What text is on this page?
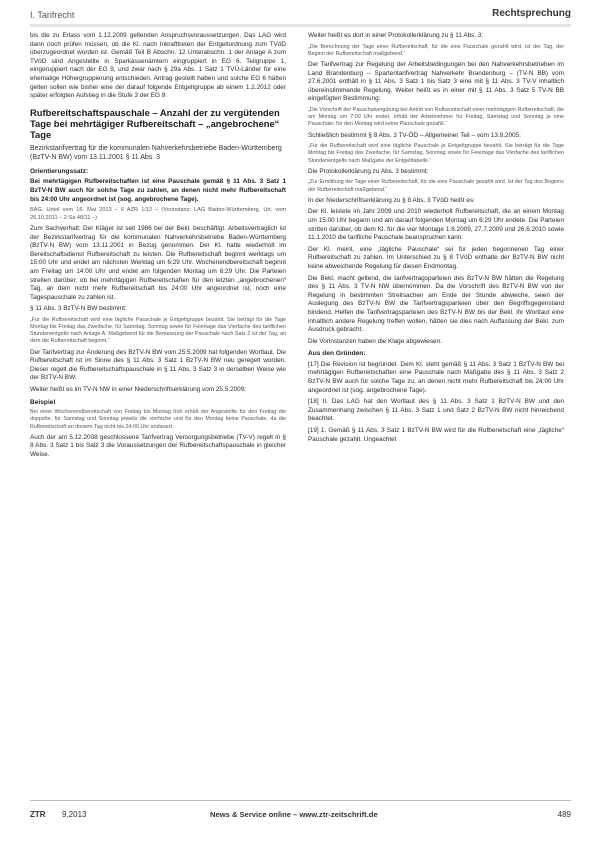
I. Tarifrecht	Rechtsprechung

bis die zu Erlass vom 1.12.2009 geltenden Anspruchsvoraussetzungen. Das LAG wird dann noch prüfen müssen, ob die Kl. nach Inkrafttreten der Entgeltordnung zum TVöD überzugeordnet worden ist. Gemäß Teil B Abschn. 12 Unterabschn. 1 der Anlage A zum TVöD sind Angestellte in Sparkassenämtern eingruppiert in EG 6. Teilgruppe 1, eingeruppiert nach der EG 9, und zwar nach § 29a Abs. 1 Satz 1 TVÜ-Länder für eine ehemalige Höhergruppierung entschieden. Antrag gestellt haben und solche EG 6 hätten gelten sollen wie bisher eine der darauf folgende Entgeltgruppe ab einem 1.2.2012 oder später erfolgten Aufstieg in die Stufe 3 der EG 9.

Rufbereitschaftspauschale – Anzahl der zu vergütenden Tage bei mehrtägiger Rufbereitschaft – „angebrochene“ Tage
Bezirkstarifvertrag für die kommunalen Nahverkehrsbetriebe Baden-Württemberg (BzTV-N BW) vom 13.11.2001 § 11 Abs. 3
Orientierungssatz:

Bei mehrtägigen Rufbereitschaften ist eine Pauschale gemäß § 11 Abs. 3 Satz 1 BzTV-N BW auch für solche Tage zu zahlen, an denen nicht mehr Rufbereitschaft bis 24:00 Uhr angeordnet ist (sog. angebrochene Tage).

BAG, Urteil vom 16. Mai 2013 – 6 AZR 1/12 – (Vorinstanz: LAG Baden-Württemberg, Urt. vom 26.10.2011 – 2 Sa 48/11 –)

Zum Sachverhalt: Der Kläger ist seit 1986 bei der Bekl. beschäftigt. Arbeitsvertraglich ist der Bezirkstarifvertrag für die kommunalen Nahverkehrsbetriebe Baden-Württemberg (BzTV-N BW) vom 13.11.2001 in Bezug genommen. Der Kl. hatte wiederholt im Bereitschaftsdienst Rufbereitschaft zu leisten. Die Rufbereitschaft beginnt werktags um 15:00 Uhr und endet am nächsten Werktag um 6:29 Uhr. Wochenendbereitschaft beginnt am Freitag um 14:00 Uhr und endet am folgenden Montag um 6:29 Uhr. Die Parteien streiten darüber, ob bei mehrtägigen Rufbereitschaften für den letzten „angebrochenen“ Tag, an dem nicht mehr Rufbereitschaft bis 24:00 Uhr angeordnet ist, noch eine Tagespauschale zu zahlen ist.

§ 11 Abs. 3 BzTV-N BW bestimmt:

„Für die Rufbereitschaft wird eine tägliche Pauschale je Entgeltgruppe bezahlt. Sie beträgt für die Tage Montag bis Freitag das Zweifache, für Samstag, Sonntag sowie für Feiertage das Vierfache des tariflichen Stundenentgelts nach Anlage A. Maßgebend für die Bemessung der Pauschale nach Satz 2 ist der Tag, an dem die Rufbereitschaft beginnt.“

Der Tarifvertrag zur Änderung des BzTV-N BW vom 25.5.2009 hat folgenden Wortlaut. Die Rufbereitschaft ist im Sinne des § 11 Abs. 3 Satz 1 BzTV-N BW neu geregelt worden. Dieser regelt die Rufbereitschaftspauschale in § 11 Abs. 3 Satz 3 in derselben Weise wie der BzTV-N BW.

Weiter heißt es im TV-N NW in einer Niederschriftserklärung vom 25.5.2009:

Beispiel

Bei einer Wochenendbereitschaft von Freitag bis Montag früh erhält der Angestellte für den Freitag die doppelte, für Samstag und Sonntag jeweils die vierfache und für den Montag keine Pauschale, da die Rufbereitschaft an diesem Tag nicht bis 24:00 Uhr andauert.

Auch der am 5.12.2008 geschlossene Tarifvertrag Versorgungsbetriebe (TV-V) regelt in § 8 Abs. 3 Satz 1 bis Satz 3 die Voraussetzungen der Rufbereitschaftspauschale in gleicher Weise.

Weiter heißt es dort in einer Protokollerklärung zu § 11 Abs. 3:

„Die Berechnung der Tage einer Rufbereitschaft, für die eine Pauschale gezahlt wird, ist der Tag, der Beginn der Rufbereitschaft maßgebend.“

Der Tarifvertrag zur Regelung der Arbeitsbedingungen bei den Nahverkehrsbetrieben im Land Brandenburg – Spartentarifvertrag Nahverkehr Brandenburg – (TV-N BB) vom 27.6.2001 enthält in § 11 Abs. 3 Satz 1 bis Satz 3 eine mit § 11 Abs. 3 TV-V inhaltlich übereinstimmende Regelung. Weiter heißt es in einer mit § 11 Abs. 3 Satz 5 TV-N BB eingefügten Bestimmung:

„Die Vorschrift der Pauschalvergütung bei Antritt von Rufbereitschaft einer mehrtägigen Rufbereitschaft, die am Montag um 7:00 Uhr endet, erhält der Arbeitnehmer für Freitag, Samstag und Sonntag je eine Pauschale; für den Montag wird keine Pauschale gezahlt.“

Schließlich bestimmt § 8 Abs. 3 TV-ÖD – Allgemeiner Teil – vom 13.9.2005:

„Für die Rufbereitschaft wird eine tägliche Pauschale je Entgeltgruppe bezahlt. Sie beträgt für die Tage Montag bis Freitag das Zweifache, für Samstag, Sonntag sowie für Feiertage das Vierfache des tariflichen Stundenentgelts nach Maßgabe der Entgelttabelle.“

Die Protokollerklärung zu Abs. 3 bestimmt:

„Zur Ermittlung der Tage einer Rufbereitschaft, für die eine Pauschale gezahlt wird, ist der Tag des Beginns der Rufbereitschaft maßgebend.“

In der Niederschriftserklärung zu § 8 Abs. 3 TVöD heißt es:

Der Kl. leistete im Jahr 2009 und 2010 wiederholt Rufbereitschaft, die an einem Montag um 15:00 Uhr begann und am darauf folgenden Montag um 6:29 Uhr endete. Die Parteien stritten darüber, ob dem Kl. für die vier Montage 1.6.2009, 27.7.2009 und 26.6.2010 sowie 11.1.2010 die tarifliche Pauschale beanspruchen kann.

Der Kl. meint, eine „tägliche Pauschale“ sei für jeden begonnenen Tag einer Rufbereitschaft zu zahlen. Im Unterschied zu § 8 TVöD enthalte der BzTV-N BW nicht keine abweichende Regelung für diesen Endmontag.

Die Bekl. macht geltend, die tarifvertragsparteien des BzTV-N BW hätten die Regelung des § 11 Abs. 3 TV-N NW übernommen. Da die Vorschrift des BzTV-N BW von der Regelung in bestimmten Streitsachen am Ende der Stunde abweiche, seien der Auslegung des BzTV-N BW die Tarifvertragsparteien über den Begriffsgegenstand bindend. Helfen die Tarifvertragsparteien des BzTV-N BW bis der Bekl. ihr Wortlaut eine inhaltlich andere Regelung treffen wollen, hätten sie dies nach Auffassung der Bekl. zum Ausdruck gebracht.

Die Vorinstanzen haben die Klage abgewiesen.

Aus den Gründen:

[17] Die Revision ist begründet. Dem Kl. steht gemäß § 11 Abs. 3 Satz 1 BzTV-N BW bei mehrtägigen Rufbereitschaften eine Pauschale nach Maßgabe des § 11 Abs. 3 Satz 2 BzTV-N BW auch für solche Tage zu, an denen nicht mehr Rufbereitschaft bis 24:00 Uhr angeordnet ist (sog. angebrochene Tage).

[18] II. Das LAG hat den Wortlaut des § 11 Abs. 3 Satz 1 BzTV-N BW und den Zusammenhang zwischen § 11 Abs. 3 Satz 1 und Satz 2 BzTV-N BW nicht hinreichend beachtet.

[19] 1. Gemäß § 11 Abs. 3 Satz 1 BzTV-N BW wird für die Rufbereitschaft eine „tägliche“ Pauschale gezahlt. Ungeachtet

ZTR 9.2013	News & Service online – www.ztr-zeitschrift.de	489
